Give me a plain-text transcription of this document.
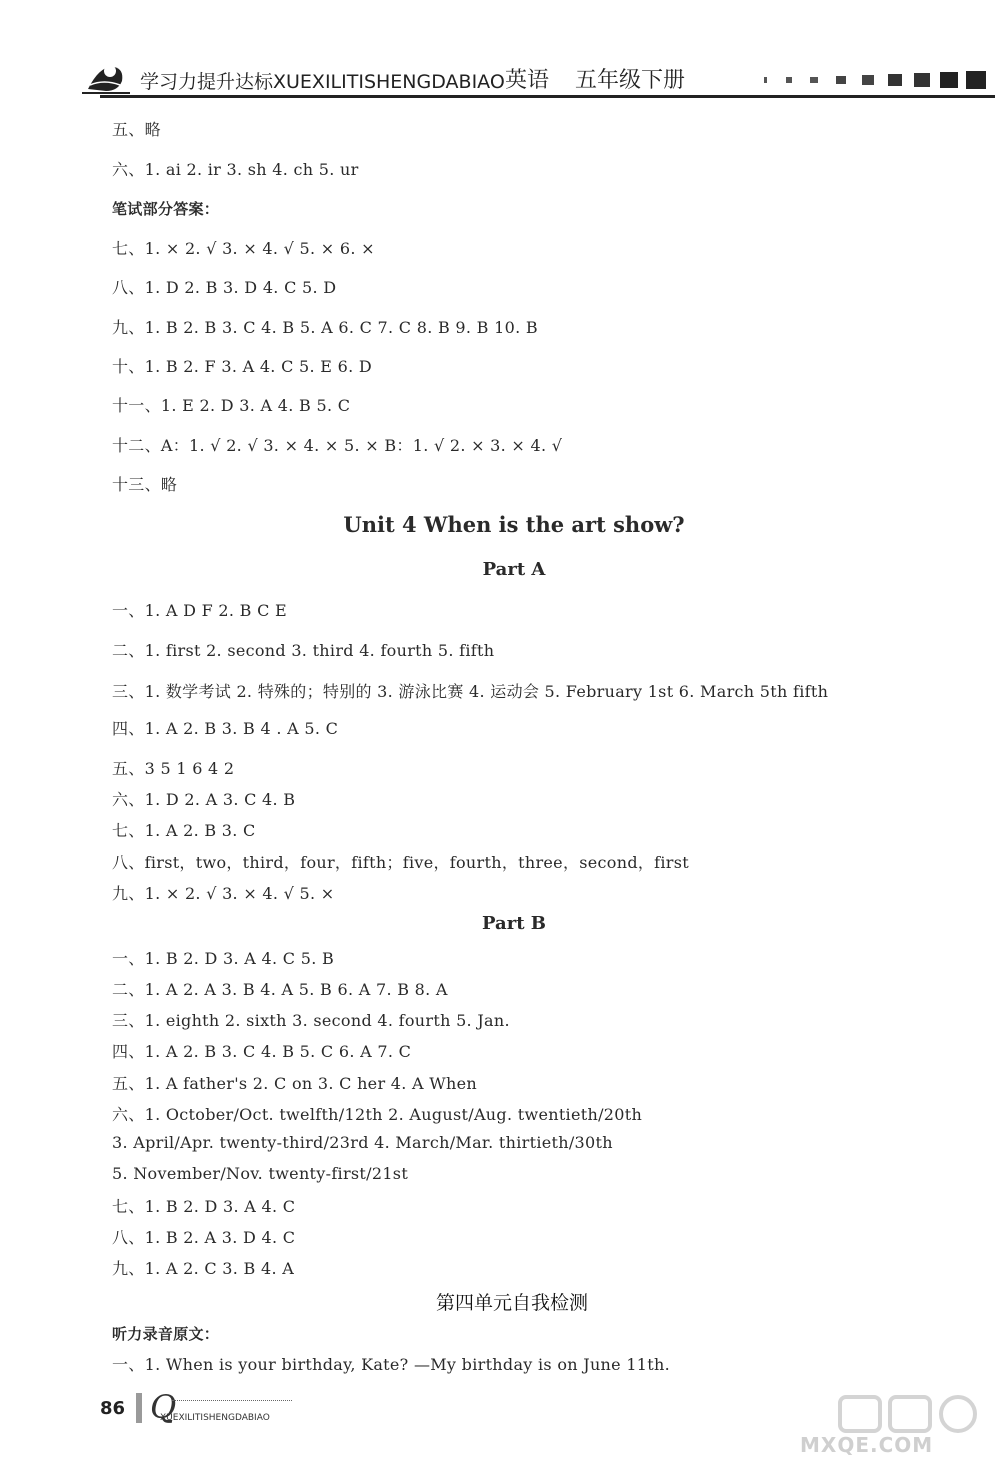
学习力提升达标XUEXILITISHENGDABIAO 英语 五年级下册
五、略
六、1. ai 2. ir 3. sh 4. ch 5. ur
笔试部分答案：
七、1. × 2. √ 3. × 4. √ 5. × 6. ×
八、1. D 2. B 3. D 4. C 5. D
九、1. B 2. B 3. C 4. B 5. A 6. C 7. C 8. B 9. B 10. B
十、1. B 2. F 3. A 4. C 5. E 6. D
十一、1. E 2. D 3. A 4. B 5. C
十二、A：1. √ 2. √ 3. × 4. × 5. × B：1. √ 2. × 3. × 4. √
十三、略
Unit 4 When is the art show?
Part A
一、1. A D F 2. B C E
二、1. first 2. second 3. third 4. fourth 5. fifth
三、1. 数学考试 2. 特殊的；特别的 3. 游泳比赛 4. 运动会 5. February 1st 6. March 5th fifth
四、1. A 2. B 3. B 4 . A 5. C
五、3 5 1 6 4 2
六、1. D 2. A 3. C 4. B
七、1. A 2. B 3. C
八、first，two，third，four，fifth；five，fourth，three，second，first
九、1. × 2. √ 3. × 4. √ 5. ×
Part B
一、1. B 2. D 3. A 4. C 5. B
二、1. A 2. A 3. B 4. A 5. B 6. A 7. B 8. A
三、1. eighth 2. sixth 3. second 4. fourth 5. Jan.
四、1. A 2. B 3. C 4. B 5. C 6. A 7. C
五、1. A father's 2. C on 3. C her 4. A When
六、1. October/Oct. twelfth/12th 2. August/Aug. twentieth/20th
3. April/Apr. twenty-third/23rd 4. March/Mar. thirtieth/30th
5. November/Nov. twenty-first/21st
七、1. B 2. D 3. A 4. C
八、1. B 2. A 3. D 4. C
九、1. A 2. C 3. B 4. A
第四单元自我检测
听力录音原文：
一、1. When is your birthday, Kate? —My birthday is on June 11th.
86 Q
XUEXILITISHENGDABIAO
MXQE.COM
